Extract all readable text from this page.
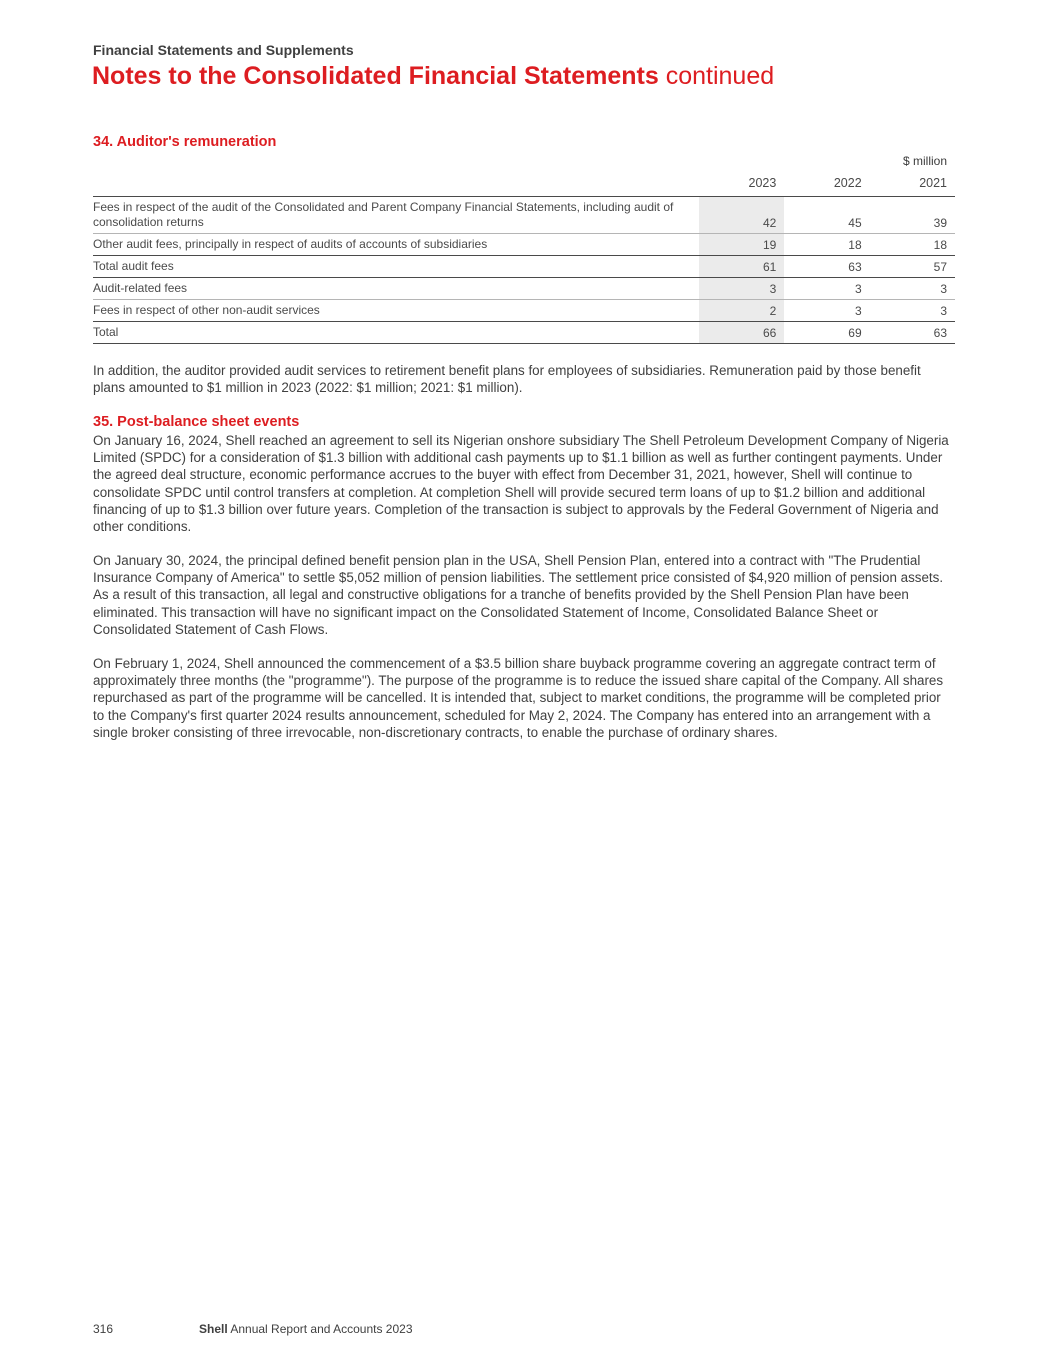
Financial Statements and Supplements
Notes to the Consolidated Financial Statements continued
34. Auditor's remuneration
$ million
	2023	2022	2021
Fees in respect of the audit of the Consolidated and Parent Company Financial Statements, including audit of consolidation returns	42	45	39
Other audit fees, principally in respect of audits of accounts of subsidiaries	19	18	18
Total audit fees	61	63	57
Audit-related fees	3	3	3
Fees in respect of other non-audit services	2	3	3
Total	66	69	63

In addition, the auditor provided audit services to retirement benefit plans for employees of subsidiaries. Remuneration paid by those benefit plans amounted to $1 million in 2023 (2022: $1 million; 2021: $1 million).

35. Post-balance sheet events

On January 16, 2024, Shell reached an agreement to sell its Nigerian onshore subsidiary The Shell Petroleum Development Company of Nigeria Limited (SPDC) for a consideration of $1.3 billion with additional cash payments up to $1.1 billion as well as further contingent payments. Under the agreed deal structure, economic performance accrues to the buyer with effect from December 31, 2021, however, Shell will continue to consolidate SPDC until control transfers at completion. At completion Shell will provide secured term loans of up to $1.2 billion and additional financing of up to $1.3 billion over future years. Completion of the transaction is subject to approvals by the Federal Government of Nigeria and other conditions.

On January 30, 2024, the principal defined benefit pension plan in the USA, Shell Pension Plan, entered into a contract with "The Prudential Insurance Company of America" to settle $5,052 million of pension liabilities. The settlement price consisted of $4,920 million of pension assets. As a result of this transaction, all legal and constructive obligations for a tranche of benefits provided by the Shell Pension Plan have been eliminated. This transaction will have no significant impact on the Consolidated Statement of Income, Consolidated Balance Sheet or Consolidated Statement of Cash Flows.

On February 1, 2024, Shell announced the commencement of a $3.5 billion share buyback programme covering an aggregate contract term of approximately three months (the "programme"). The purpose of the programme is to reduce the issued share capital of the Company. All shares repurchased as part of the programme will be cancelled. It is intended that, subject to market conditions, the programme will be completed prior to the Company's first quarter 2024 results announcement, scheduled for May 2, 2024. The Company has entered into an arrangement with a single broker consisting of three irrevocable, non-discretionary contracts, to enable the purchase of ordinary shares.

316	Shell Annual Report and Accounts 2023
